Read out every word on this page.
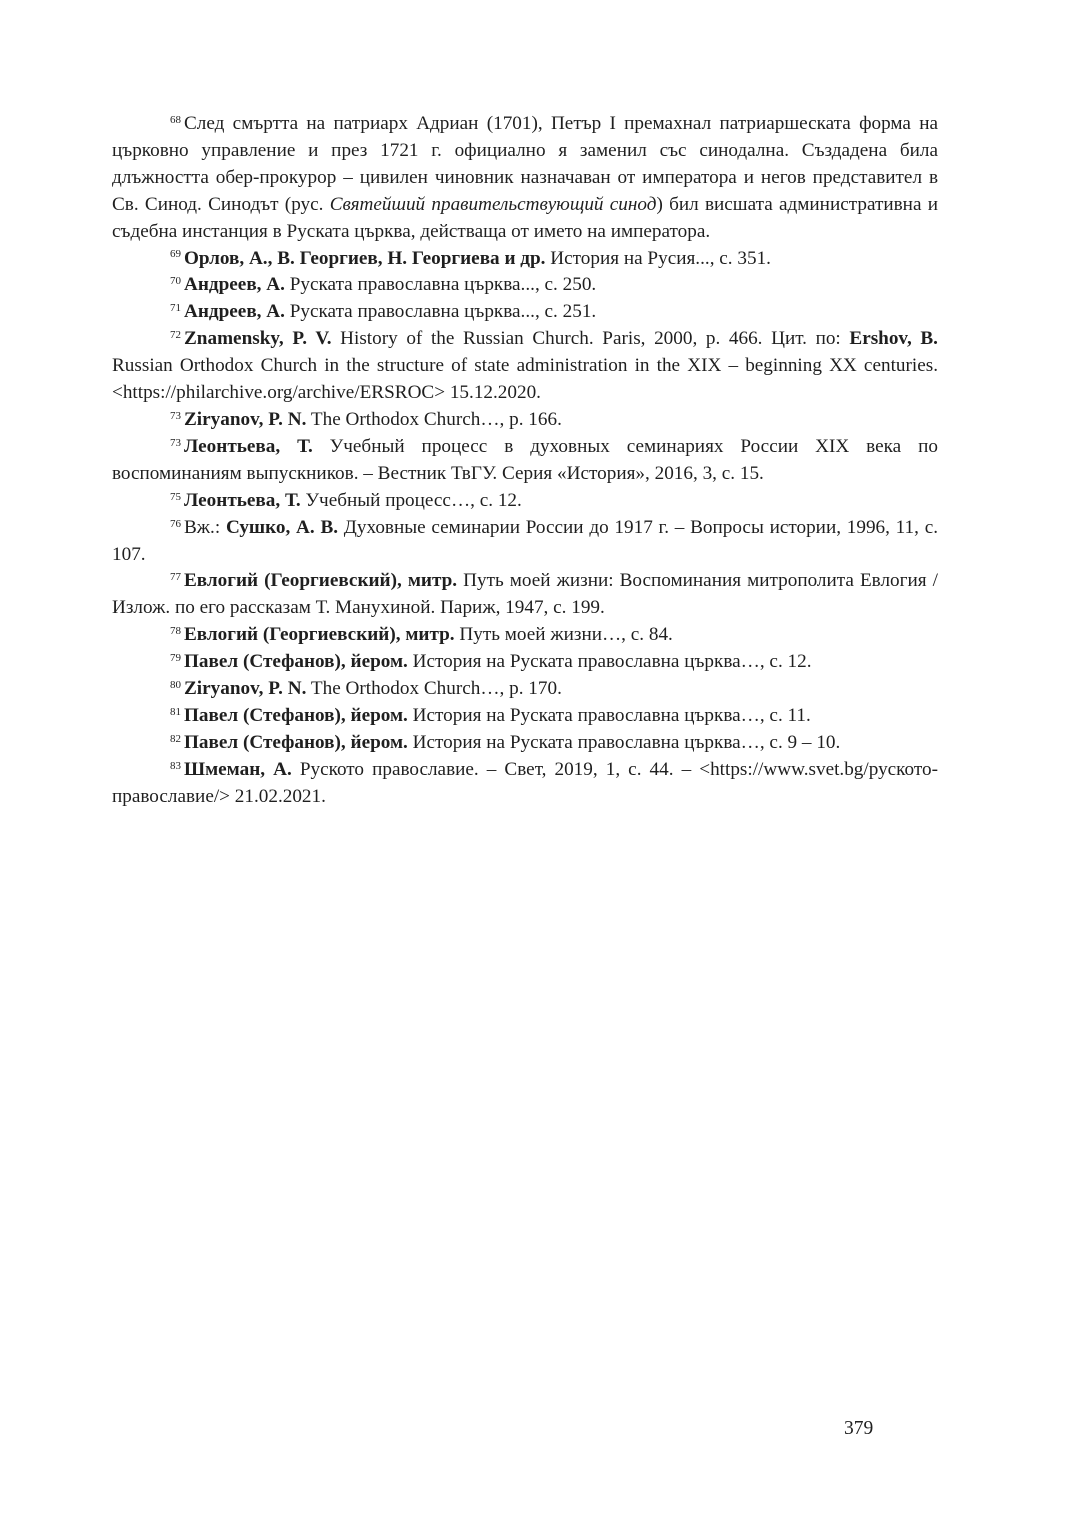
$^{68}$ След смъртта на патриарх Адриан (1701), Петър I премахнал патриаршеската форма на църковно управление и през 1721 г. официално я заменил със синодална. Създадена била длъжността обер-прокурор – цивилен чиновник назначаван от императора и негов представител в Св. Синод. Синодът (рус. Святейший правительствующий синод) бил висшата административна и съдебна инстанция в Руската църква, действаща от името на императора.

$^{69}$ Орлов, А., В. Георгиев, Н. Георгиева и др. История на Русия..., с. 351.

$^{70}$ Андреев, А. Руската православна църква..., с. 250.

$^{71}$ Андреев, А. Руската православна църква..., с. 251.

$^{72}$ Znamensky, P. V. History of the Russian Church. Paris, 2000, p. 466. Цит. по: Ershov, B. Russian Orthodox Church in the structure of state administration in the XIX – beginning XX centuries. <https://philarchive.org/archive/ERSROC> 15.12.2020.

$^{73}$ Ziryanov, P. N. The Orthodox Church…, p. 166.

$^{73}$ Леонтьева, Т. Учебный процесс в духовных семинариях России XIX века по воспоминаниям выпускников. – Вестник ТвГУ. Серия «История», 2016, 3, с. 15.

$^{75}$ Леонтьева, Т. Учебный процесс…, с. 12.

$^{76}$ Вж.: Сушко, А. В. Духовные семинарии России до 1917 г. – Вопросы истории, 1996, 11, с. 107.

$^{77}$ Евлогий (Георгиевский), митр. Путь моей жизни: Воспоминания митрополита Евлогия / Излож. по его рассказам Т. Манухиной. Париж, 1947, с. 199.

$^{78}$ Евлогий (Георгиевский), митр. Путь моей жизни…, с. 84.

$^{79}$ Павел (Стефанов), йером. История на Руската православна църква…, с. 12.

$^{80}$ Ziryanov, P. N. The Orthodox Church…, p. 170.

$^{81}$ Павел (Стефанов), йером. История на Руската православна църква…, с. 11.

$^{82}$ Павел (Стефанов), йером. История на Руската православна църква…, с. 9 – 10.

$^{83}$ Шмеман, А. Руското православие. – Свет, 2019, 1, с. 44. – <https://www.svet.bg/руското-православие/> 21.02.2021.

379
